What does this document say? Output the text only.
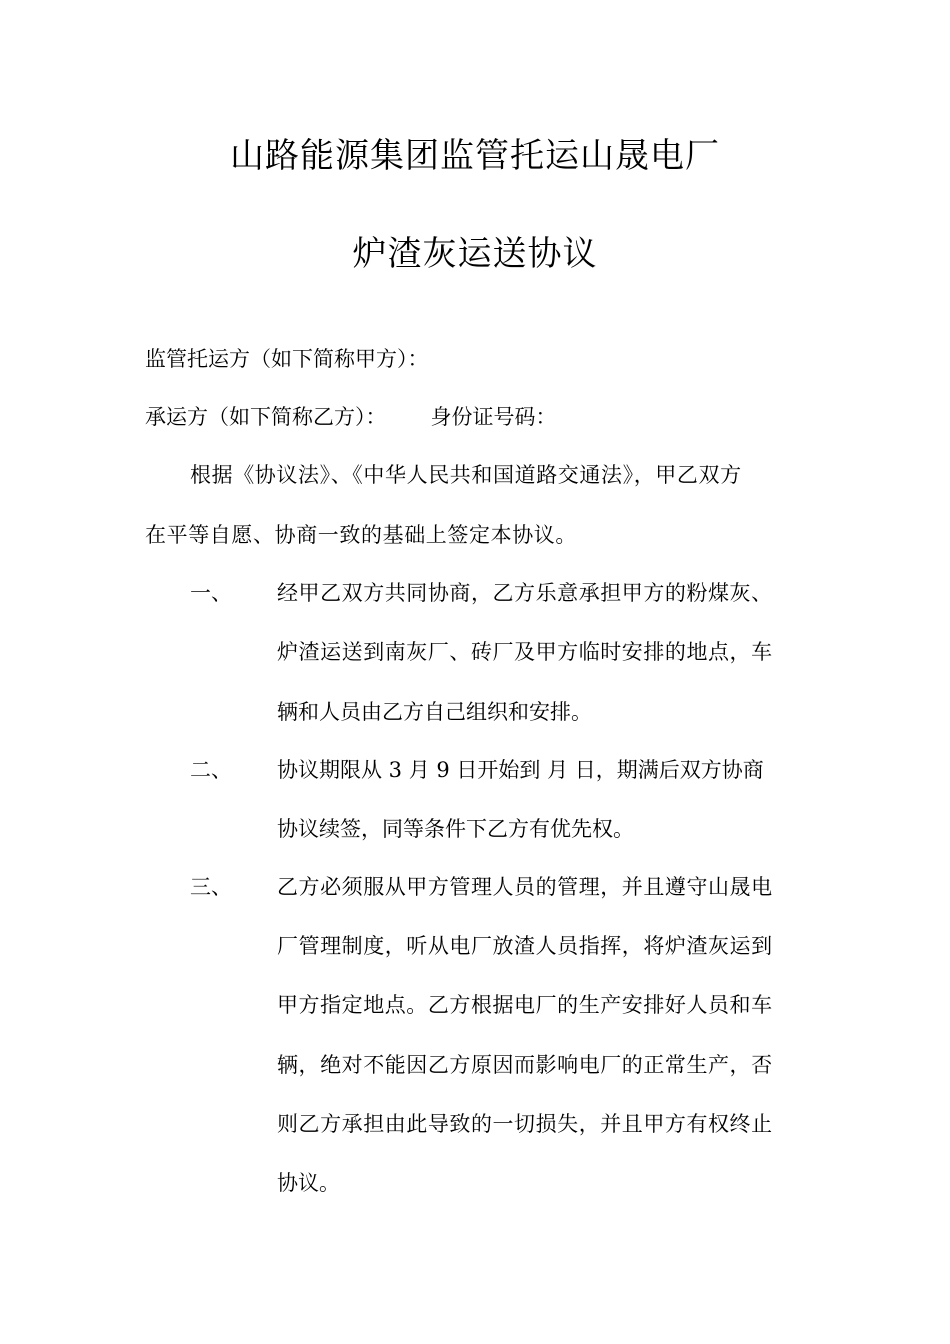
山路能源集团监管托运山晟电厂
炉渣灰运送协议
监管托运方（如下简称甲方）：
承运方（如下简称乙方）： 身份证号码：
根据《协议法》、《中华人民共和国道路交通法》，甲乙双方
在平等自愿、协商一致的基础上签定本协议。
一、 经甲乙双方共同协商，乙方乐意承担甲方的粉煤灰、
炉渣运送到南灰厂、砖厂及甲方临时安排的地点，车
辆和人员由乙方自己组织和安排。
二、 协议期限从 3 月 9 日开始到 月 日，期满后双方协商
协议续签，同等条件下乙方有优先权。
三、 乙方必须服从甲方管理人员的管理，并且遵守山晟电
厂管理制度，听从电厂放渣人员指挥，将炉渣灰运到
甲方指定地点。乙方根据电厂的生产安排好人员和车
辆，绝对不能因乙方原因而影响电厂的正常生产，否
则乙方承担由此导致的一切损失，并且甲方有权终止
协议。
